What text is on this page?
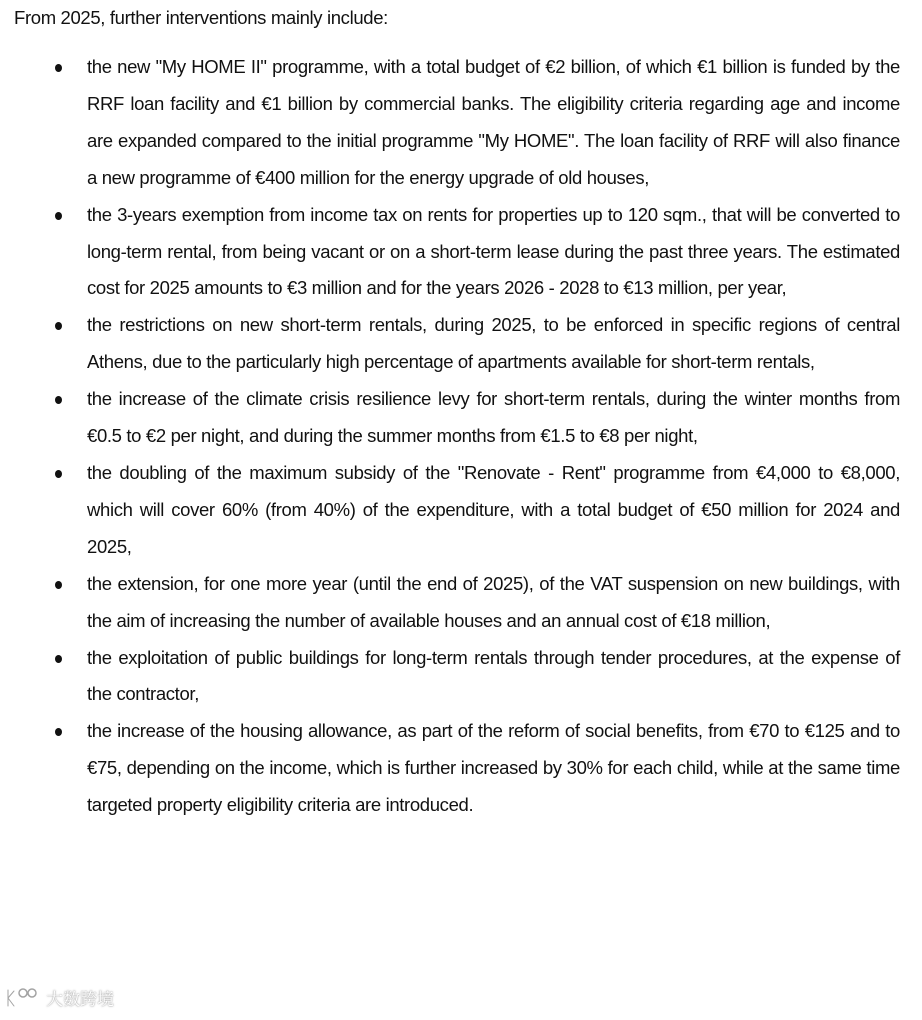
From 2025, further interventions mainly include:

the new "My HOME II" programme, with a total budget of €2 billion, of which €1 billion is funded by the RRF loan facility and €1 billion by commercial banks. The eligibility criteria regarding age and income are expanded compared to the initial programme "My HOME". The loan facility of RRF will also finance a new programme of €400 million for the energy upgrade of old houses,
the 3-years exemption from income tax on rents for properties up to 120 sqm., that will be converted to long-term rental, from being vacant or on a short-term lease during the past three years. The estimated cost for 2025 amounts to €3 million and for the years 2026 - 2028 to €13 million, per year,
the restrictions on new short-term rentals, during 2025, to be enforced in specific regions of central Athens, due to the particularly high percentage of apartments available for short-term rentals,
the increase of the climate crisis resilience levy for short-term rentals, during the winter months from €0.5 to €2 per night, and during the summer months from €1.5 to €8 per night,
the doubling of the maximum subsidy of the "Renovate - Rent" programme from €4,000 to €8,000, which will cover 60% (from 40%) of the expenditure, with a total budget of €50 million for 2024 and 2025,
the extension, for one more year (until the end of 2025), of the VAT suspension on new buildings, with the aim of increasing the number of available houses and an annual cost of €18 million,
the exploitation of public buildings for long-term rentals through tender procedures, at the expense of the contractor,
the increase of the housing allowance, as part of the reform of social benefits, from €70 to €125 and to €75, depending on the income, which is further increased by 30% for each child, while at the same time targeted property eligibility criteria are introduced.
大数跨境
